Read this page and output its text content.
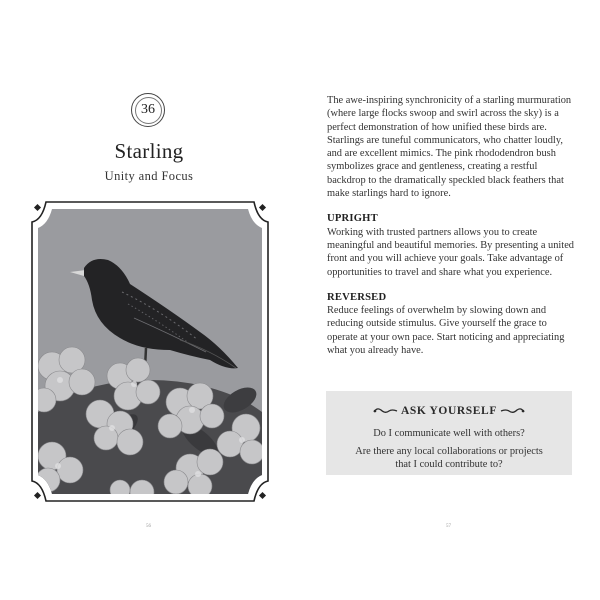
36
Starling
Unity and Focus
56

The awe-inspiring synchronicity of a starling murmuration (where large flocks swoop and swirl across the sky) is a perfect demonstration of how unified these birds are. Starlings are tuneful communicators, who chatter loudly, and are excellent mimics. The pink rhododendron bush symbolizes grace and gentleness, creating a restful backdrop to the dramatically speckled black feathers that make starlings hard to ignore.

UPRIGHT

Working with trusted partners allows you to create meaningful and beautiful memories. By presenting a united front and you will achieve your goals. Take advantage of opportunities to travel and share what you experience.

REVERSED

Reduce feelings of overwhelm by slowing down and reducing outside stimulus. Give yourself the grace to operate at your own pace. Start noticing and appreciating what you already have.

ASK YOURSELF
Do I communicate well with others?
Are there any local collaborations or projects that I could contribute to?
57
